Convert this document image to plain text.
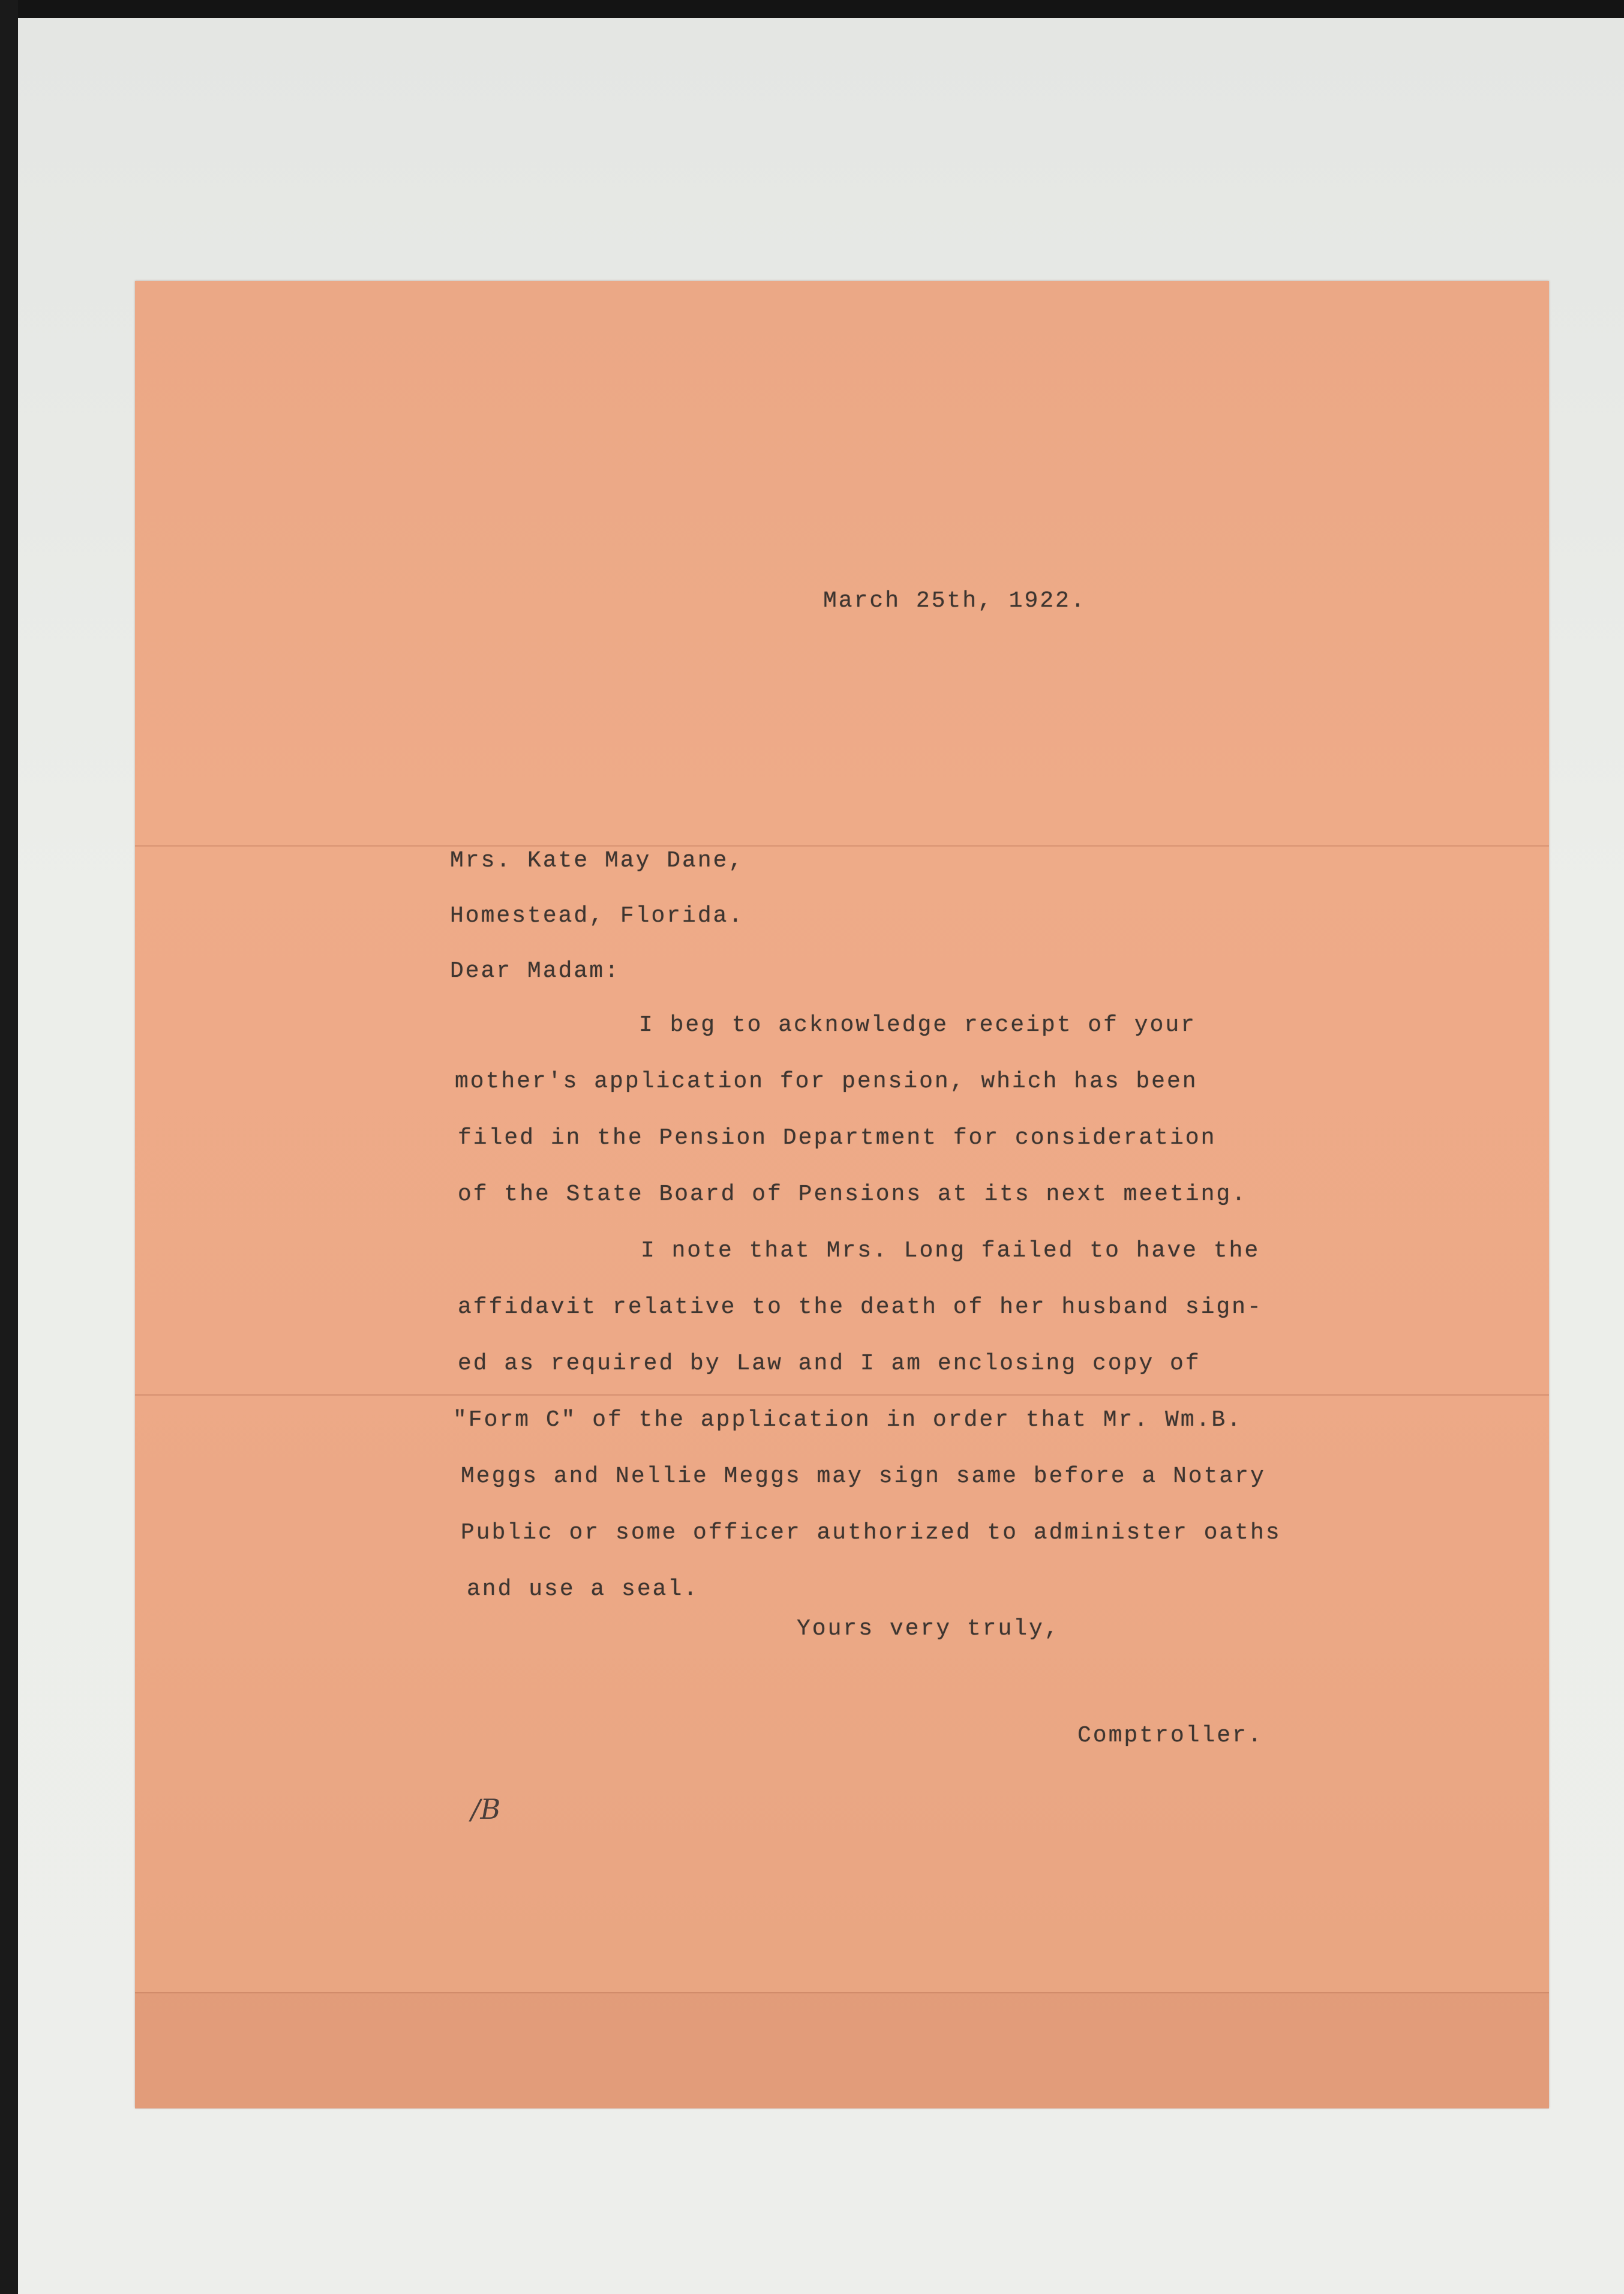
March 25th, 1922.
Mrs. Kate May Dane,
Homestead, Florida.
Dear Madam:
I beg to acknowledge receipt of your
mother's application for pension, which has been
filed in the Pension Department for consideration
of the State Board of Pensions at its next meeting.
I note that Mrs. Long failed to have the
affidavit relative to the death of her husband sign-
ed as required by Law and I am enclosing copy of
"Form C" of the application in order that Mr. Wm.B.
Meggs and Nellie Meggs may sign same before a Notary
Public or some officer authorized to administer oaths
and use a seal.
Yours very truly,
Comptroller.
/B
